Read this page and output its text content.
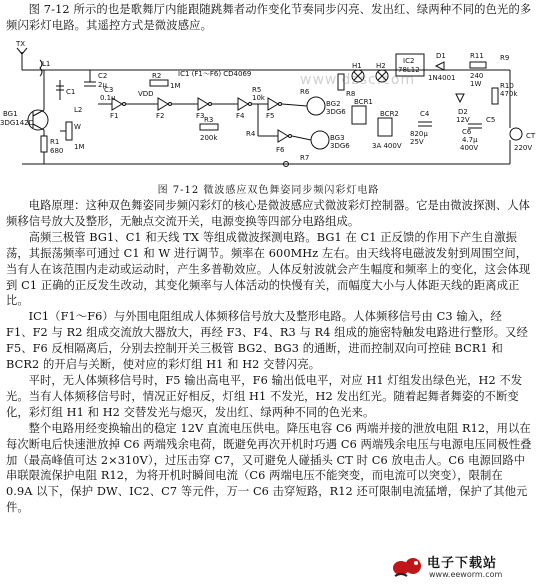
图 7-12 所示的也是歌舞厅内能跟随跳舞者动作变化节奏同步闪亮、发出红、绿两种不同的色光的多频闪彩灯电路。其遥控方式是微波感应。
TX
L1
C2
2μ
C1
BG1
3DG142D
R1
680
W
1M
L2
C3
0.1μ
IC1 (F1～F6) CD4069
VDD
F1	F2	F3	F4	F5
F6
R2
1M
R3
200k	R4
R5
10k
R6
R7
R8
BG2
3DG6
BG3
3DG6
IC2
78L12
C4
820μ
25V
D1
1N4001
D2
12V
R9
R10
470k
R11
240
1W
C5
C6
4.7μ
400V	220V
BCR1
BCR2
3A 400V
H1 H2
CT
www.dzsc.com
图 7-12 微波感应双色舞姿同步频闪彩灯电路

电路原理：这种双色舞姿同步频闪彩灯的核心是微波感应式微波彩灯控制器。它是由微波探测、人体频移信号放大及整形，无触点交流开关，电源变换等四部分电路组成。

高频三极管 BG1、C1 和天线 TX 等组成微波探测电路。BG1 在 C1 正反馈的作用下产生自激振荡，其振荡频率可通过 C1 和 W 进行调节。频率在 600MHz 左右。由天线将电磁波发射到周围空间，当有人在该范围内走动或运动时，产生多普勒效应。人体反射波就会产生幅度和频率上的变化，这会体现到 C1 正确的正反发生改动，其变化频率与人体活动的快慢有关，而幅度大小与人体距天线的距离成正比。

IC1（F1～F6）与外围电阻组成人体频移信号放大及整形电路。人体频移信号由 C3 输入，经 F1、F2 与 R2 组成交流放大器放大，再经 F3、F4、R3 与 R4 组成的施密特触发电路进行整形。又经 F5、F6 反相隔离后，分别去控制开关三极管 BG2、BG3 的通断，进而控制双向可控硅 BCR1 和 BCR2 的开启与关断，使对应的彩灯组 H1 和 H2 交替闪亮。

平时，无人体频移信号时，F5 输出高电平，F6 输出低电平，对应 H1 灯组发出绿色光，H2 不发光。当有人体频移信号时，情况正好相反，灯组 H1 不发光，H2 发出红光。随着起舞者舞姿的不断变化，彩灯组 H1 和 H2 交替发光与熄灭，发出红、绿两种不同的色光来。

整个电路用经变换输出的稳定 12V 直流电压供电。降压电容 C6 两端并接的泄放电阻 R12，用以在每次断电后快速泄放掉 C6 两端残余电荷，既避免再次开机时巧遇 C6 两端残余电压与电源电压同极性叠加（最高峰值可达 2×310V），过压击穿 C7，又可避免人碰插头 CT 时 C6 放电击人。C6 电源回路中串联限流保护电阻 R12，为将开机时瞬间电流（C6 两端电压不能突变，而电流可以突变），限制在 0.9A 以下，保护 DW、IC2、C7 等元件，万一 C6 击穿短路，R12 还可限制电流猛增，保护了其他元件。

电子下载站
www.eeworm.com
